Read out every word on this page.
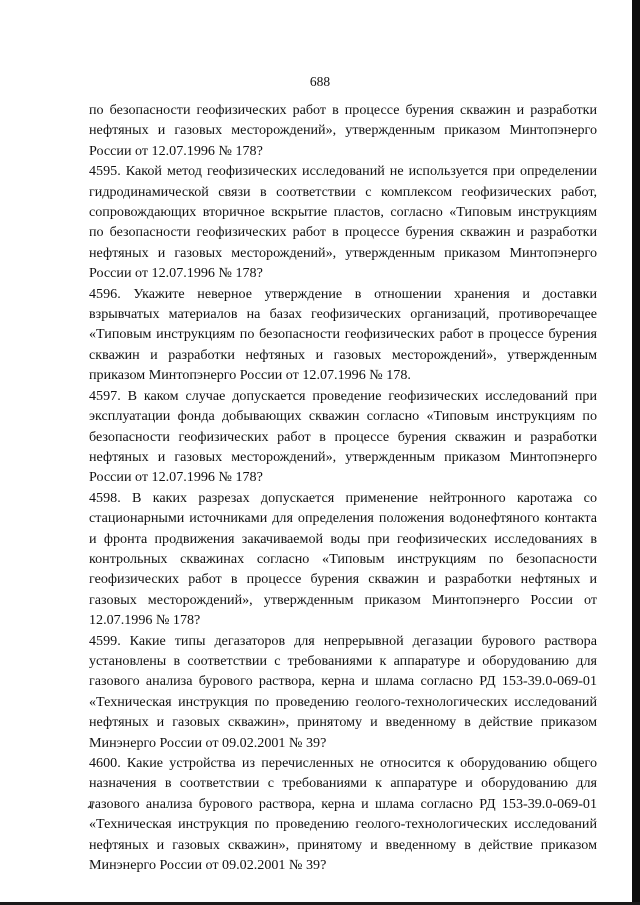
688

по безопасности геофизических работ в процессе бурения скважин и разработки нефтяных и газовых месторождений», утвержденным приказом Минтопэнерго России от 12.07.1996 № 178?

4595. Какой метод геофизических исследований не используется при определении гидродинамической связи в соответствии с комплексом геофизических работ, сопровождающих вторичное вскрытие пластов, согласно «Типовым инструкциям по безопасности геофизических работ в процессе бурения скважин и разработки нефтяных и газовых месторождений», утвержденным приказом Минтопэнерго России от 12.07.1996 № 178?

4596. Укажите неверное утверждение в отношении хранения и доставки взрывчатых материалов на базах геофизических организаций, противоречащее «Типовым инструкциям по безопасности геофизических работ в процессе бурения скважин и разработки нефтяных и газовых месторождений», утвержденным приказом Минтопэнерго России от 12.07.1996 № 178.

4597. В каком случае допускается проведение геофизических исследований при эксплуатации фонда добывающих скважин согласно «Типовым инструкциям по безопасности геофизических работ в процессе бурения скважин и разработки нефтяных и газовых месторождений», утвержденным приказом Минтопэнерго России от 12.07.1996 № 178?

4598. В каких разрезах допускается применение нейтронного каротажа со стационарными источниками для определения положения водонефтяного контакта и фронта продвижения закачиваемой воды при геофизических исследованиях в контрольных скважинах согласно «Типовым инструкциям по безопасности геофизических работ в процессе бурения скважин и разработки нефтяных и газовых месторождений», утвержденным приказом Минтопэнерго России от 12.07.1996 № 178?

4599. Какие типы дегазаторов для непрерывной дегазации бурового раствора установлены в соответствии с требованиями к аппаратуре и оборудованию для газового анализа бурового раствора, керна и шлама согласно РД 153-39.0-069-01 «Техническая инструкция по проведению геолого-технологических исследований нефтяных и газовых скважин», принятому и введенному в действие приказом Минэнерго России от 09.02.2001 № 39?

4600. Какие устройства из перечисленных не относится к оборудованию общего назначения в соответствии с требованиями к аппаратуре и оборудованию для газового анализа бурового раствора, керна и шлама согласно РД 153-39.0-069-01 «Техническая инструкция по проведению геолого-технологических исследований нефтяных и газовых скважин», принятому и введенному в действие приказом Минэнерго России от 09.02.2001 № 39?
